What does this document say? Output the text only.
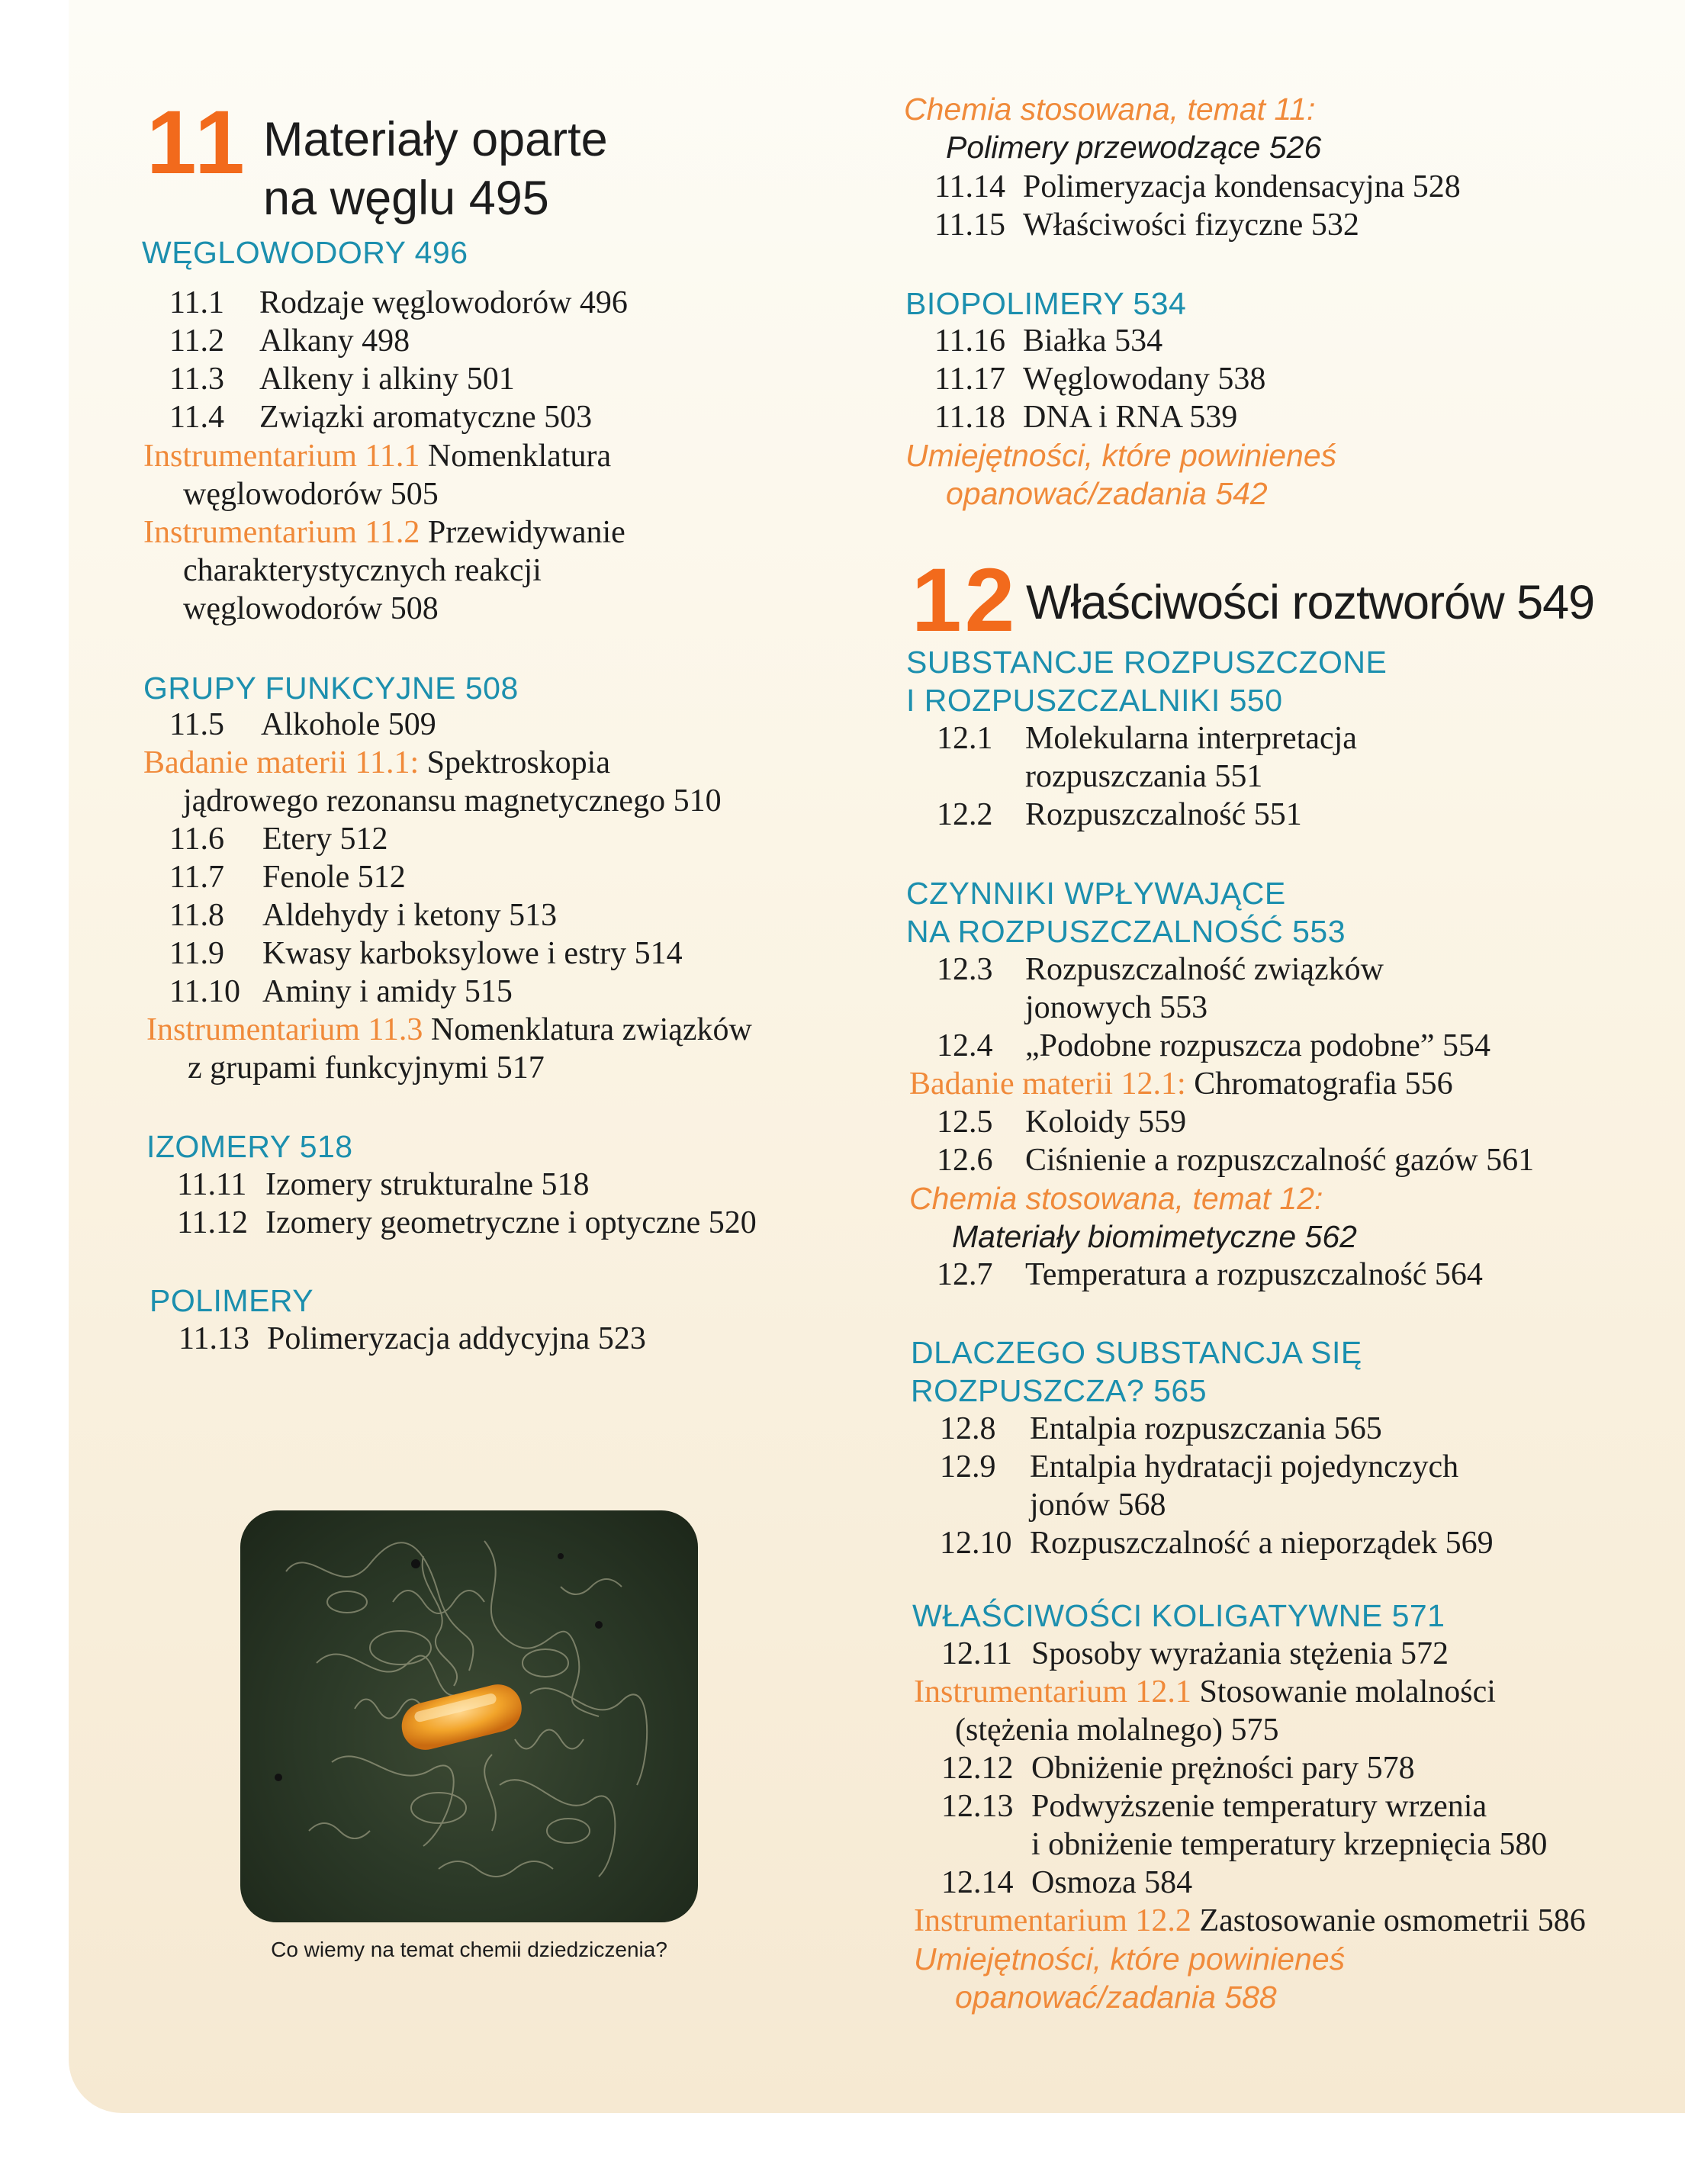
11 Materiały oparte
na węglu 495
WĘGLOWODORY 496
11.1 Rodzaje węglowodorów 496
11.2 Alkany 498
11.3 Alkeny i alkiny 501
11.4 Związki aromatyczne 503
Instrumentarium 11.1 Nomenklatura
węglowodorów 505
Instrumentarium 11.2 Przewidywanie
charakterystycznych reakcji
węglowodorów 508
GRUPY FUNKCYJNE 508
11.5 Alkohole 509
Badanie materii 11.1: Spektroskopia
jądrowego rezonansu magnetycznego 510
11.6 Etery 512
11.7 Fenole 512
11.8 Aldehydy i ketony 513
11.9 Kwasy karboksylowe i estry 514
11.10 Aminy i amidy 515
Instrumentarium 11.3 Nomenklatura związków
z grupami funkcyjnymi 517
IZOMERY 518
11.11 Izomery strukturalne 518
11.12 Izomery geometryczne i optyczne 520
POLIMERY
11.13 Polimeryzacja addycyjna 523
Co wiemy na temat chemii dziedziczenia?
Chemia stosowana, temat 11:
Polimery przewodzące 526
11.14 Polimeryzacja kondensacyjna 528
11.15 Właściwości fizyczne 532
BIOPOLIMERY 534
11.16 Białka 534
11.17 Węglowodany 538
11.18 DNA i RNA 539
Umiejętności, które powinieneś
opanować/zadania 542
12 Właściwości roztworów 549
SUBSTANCJE ROZPUSZCZONE
I ROZPUSZCZALNIKI 550
12.1 Molekularna interpretacja
rozpuszczania 551
12.2 Rozpuszczalność 551
CZYNNIKI WPŁYWAJĄCE
NA ROZPUSZCZALNOŚĆ 553
12.3 Rozpuszczalność związków
jonowych 553
12.4 „Podobne rozpuszcza podobne” 554
Badanie materii 12.1: Chromatografia 556
12.5 Koloidy 559
12.6 Ciśnienie a rozpuszczalność gazów 561
Chemia stosowana, temat 12:
Materiały biomimetyczne 562
12.7 Temperatura a rozpuszczalność 564
DLACZEGO SUBSTANCJA SIĘ
ROZPUSZCZA? 565
12.8 Entalpia rozpuszczania 565
12.9 Entalpia hydratacji pojedynczych
jonów 568
12.10 Rozpuszczalność a nieporządek 569
WŁAŚCIWOŚCI KOLIGATYWNE 571
12.11 Sposoby wyrażania stężenia 572
Instrumentarium 12.1 Stosowanie molalności
(stężenia molalnego) 575
12.12 Obniżenie prężności pary 578
12.13 Podwyższenie temperatury wrzenia
i obniżenie temperatury krzepnięcia 580
12.14 Osmoza 584
Instrumentarium 12.2 Zastosowanie osmometrii 586
Umiejętności, które powinieneś
opanować/zadania 588
